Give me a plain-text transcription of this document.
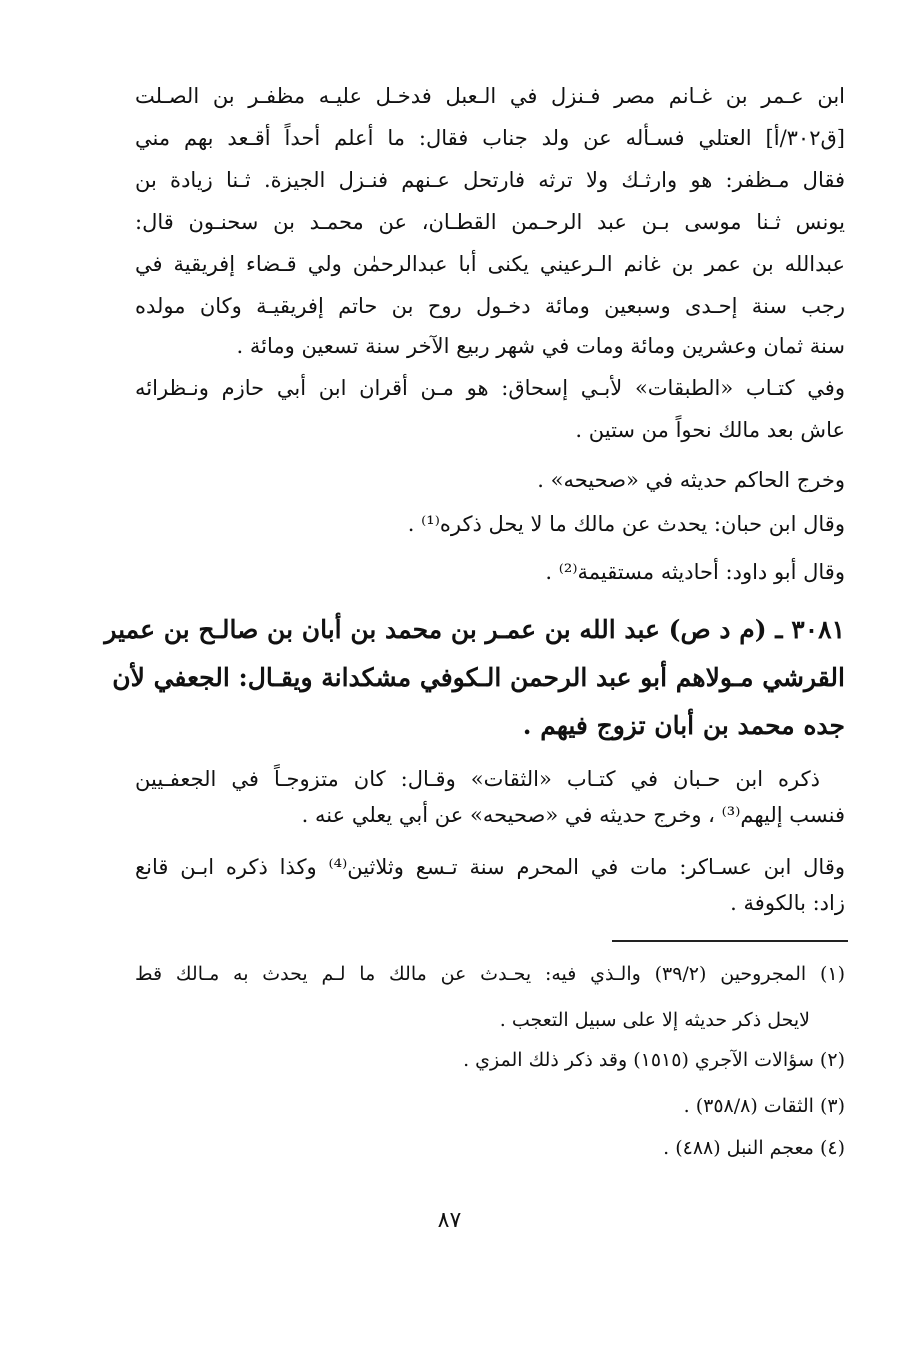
ابن عـمر بن غـانم مصر فـنزل في الـعبل فدخـل عليـه مظفـر بن الصـلت
[ق٣٠٢/أ] العتلي فسـأله عن ولد جناب فقال: ما أعلم أحداً أقـعد بهم مني
فقال مـظفر: هو وارثـك ولا ترثه فارتحل عـنهم فنـزل الجيزة. ثـنا زيادة بن
يونس ثـنا موسى بـن عبد الرحـمن القطـان، عن محمـد بن سحنـون قال:
عبدالله بن عمر بن غانم الـرعيني يكنى أبا عبدالرحمٰن ولي قـضاء إفريقية في
رجب سنة إحـدى وسبعين ومائة دخـول روح بن حاتم إفريقيـة وكان مولده
سنة ثمان وعشرين ومائة ومات في شهر ربيع الآخر سنة تسعين ومائة .
وفي كتـاب «الطبقات» لأبـي إسحاق: هو مـن أقران ابن أبي حازم ونـظرائه
عاش بعد مالك نحواً من ستين .
وخرج الحاكم حديثه في «صحيحه» .
وقال ابن حبان: يحدث عن مالك ما لا يحل ذكره⁽¹⁾ .
وقال أبو داود: أحاديثه مستقيمة⁽²⁾ .
٣٠٨١ ـ (م د ص) عبد الله بن عمـر بن محمد بن أبان بن صالـح بن عمير
القرشي مـولاهم أبو عبد الرحمن الـكوفي مشكدانة ويقـال: الجعفي لأن
جده محمد بن أبان تزوج فيهم .
ذكره ابن حـبان في كتـاب «الثقات» وقـال: كان متزوجـاً في الجعفـيين
فنسب إليهم⁽³⁾ ، وخرج حديثه في «صحيحه» عن أبي يعلي عنه .
وقال ابن عسـاكر: مات في المحرم سنة تـسع وثلاثين⁽⁴⁾ وكذا ذكره ابـن قانع
زاد: بالكوفة .
(١) المجروحين (٣٩/٢) والـذي فيه: يحـدث عن مالك ما لـم يحدث به مـالك قط
لايحل ذكر حديثه إلا على سبيل التعجب .
(٢) سؤالات الآجري (١٥١٥) وقد ذكر ذلك المزي .
(٣) الثقات (٣٥٨/٨) .
(٤) معجم النبل (٤٨٨) .
٨٧
